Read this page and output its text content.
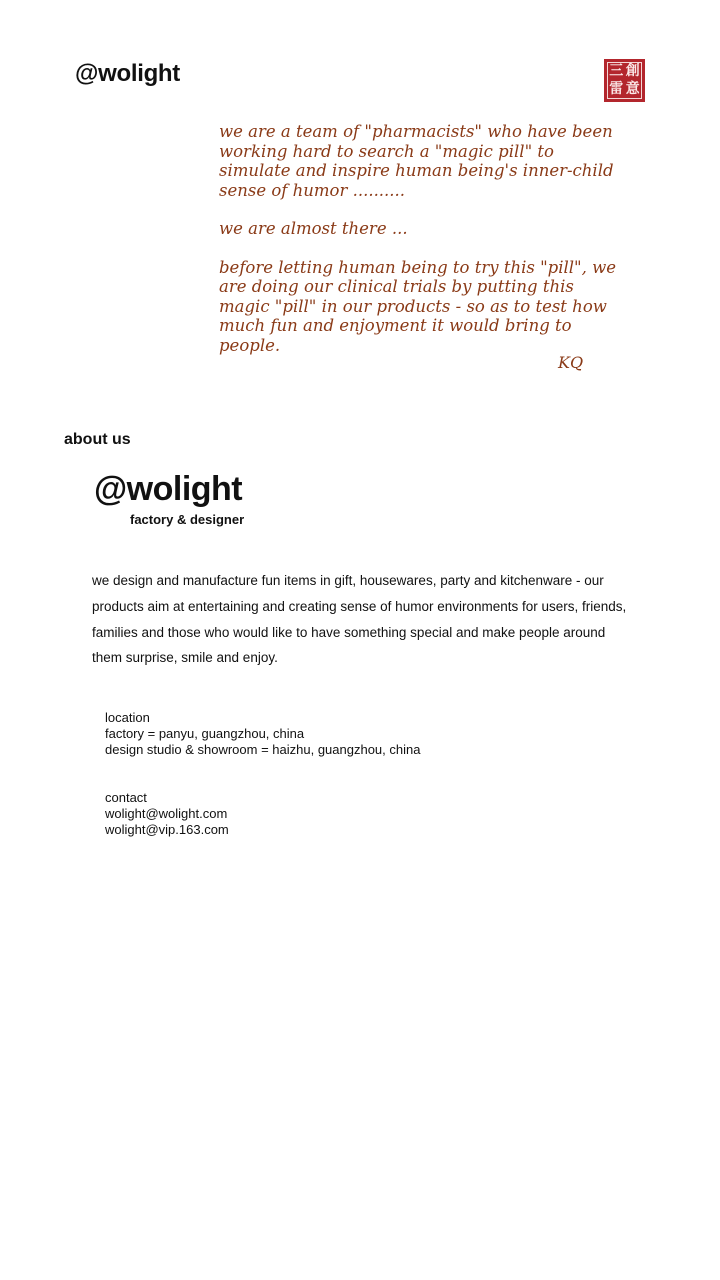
@wolight	三 創
雷 意

we are a team of "pharmacists" who have been working hard to search a "magic pill" to simulate and inspire human being's inner-child sense of humor ..........

we are almost there ...

before letting human being to try this "pill", we are doing our clinical trials by putting this magic "pill" in our products - so as to test how much fun and enjoyment it would bring to people.

KQ
about us
@wolight
factory & designer
we design and manufacture fun items in gift, housewares, party and kitchenware - our products aim at entertaining and creating sense of humor environments for users, friends, families and those who would like to have something special and make people around them surprise, smile and enjoy.
location
factory = panyu, guangzhou, china
design studio & showroom = haizhu, guangzhou, china
contact
wolight@wolight.com
wolight@vip.163.com
